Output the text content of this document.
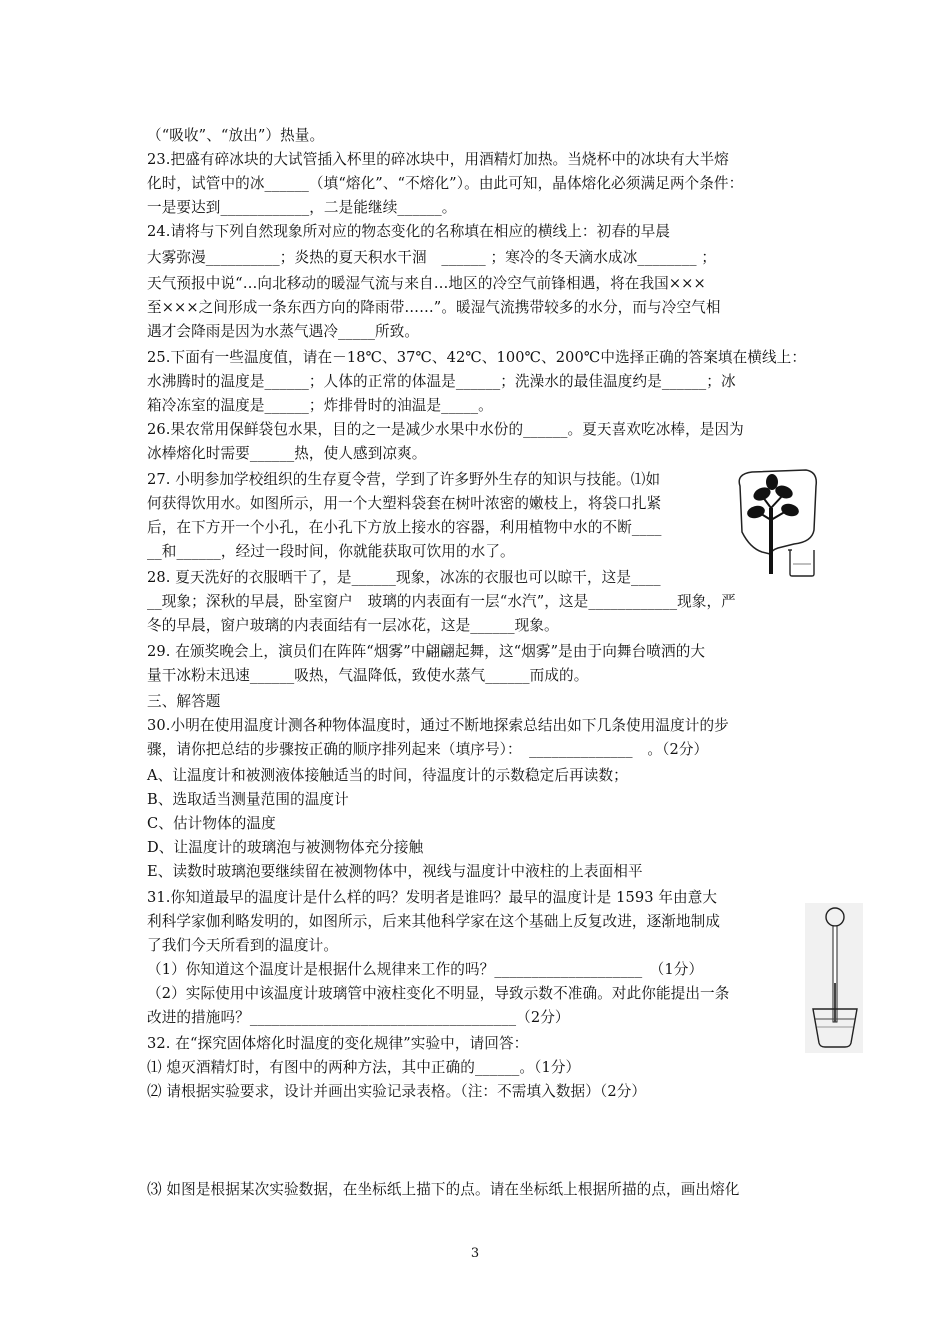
（“吸收”、“放出”）热量。
23.把盛有碎冰块的大试管插入杯里的碎冰块中，用酒精灯加热。当烧杯中的冰块有大半熔
化时，试管中的冰______（填“熔化”、“不熔化”）。由此可知，晶体熔化必须满足两个条件：
一是要达到____________，二是能继续______。
24.请将与下列自然现象所对应的物态变化的名称填在相应的横线上：初春的早晨
大雾弥漫__________；炎热的夏天积水干涸　______ ；寒冷的冬天滴水成冰________ ；
天气预报中说“…向北移动的暖湿气流与来自…地区的冷空气前锋相遇，将在我国×××
至×××之间形成一条东西方向的降雨带……”。暖湿气流携带较多的水分，而与冷空气相
遇才会降雨是因为水蒸气遇冷_____所致。
25.下面有一些温度值，请在－18℃、37℃、42℃、100℃、200℃中选择正确的答案填在横线上：
水沸腾时的温度是______；人体的正常的体温是______；洗澡水的最佳温度约是______；冰
箱冷冻室的温度是______；炸排骨时的油温是_____。
26.果农常用保鲜袋包水果，目的之一是减少水果中水份的______。夏天喜欢吃冰棒，是因为
冰棒熔化时需要______热，使人感到凉爽。
27. 小明参加学校组织的生存夏令营，学到了许多野外生存的知识与技能。⑴如
何获得饮用水。如图所示，用一个大塑料袋套在树叶浓密的嫩枝上，将袋口扎紧
后，在下方开一个小孔，在小孔下方放上接水的容器，利用植物中水的不断____
__和______，经过一段时间，你就能获取可饮用的水了。
28. 夏天洗好的衣服晒干了，是______现象，冰冻的衣服也可以晾干，这是____
__现象；深秋的早晨，卧室窗户　玻璃的内表面有一层“水汽”，这是____________现象，严
冬的早晨，窗户玻璃的内表面结有一层冰花，这是______现象。
29. 在颁奖晚会上，演员们在阵阵“烟雾”中翩翩起舞，这“烟雾”是由于向舞台喷洒的大
量干冰粉末迅速______吸热，气温降低，致使水蒸气______而成的。
三、解答题
30.小明在使用温度计测各种物体温度时，通过不断地探索总结出如下几条使用温度计的步
骤，请你把总结的步骤按正确的顺序排列起来（填序号）：　______________　。（2分）
A、让温度计和被测液体接触适当的时间，待温度计的示数稳定后再读数；
B、选取适当测量范围的温度计
C、估计物体的温度
D、让温度计的玻璃泡与被测物体充分接触
E、读数时玻璃泡要继续留在被测物体中，视线与温度计中液柱的上表面相平
31.你知道最早的温度计是什么样的吗？发明者是谁吗？最早的温度计是 1593 年由意大
利科学家伽利略发明的，如图所示，后来其他科学家在这个基础上反复改进，逐渐地制成
了我们今天所看到的温度计。
（1）你知道这个温度计是根据什么规律来工作的吗？____________________　（1分）
（2）实际使用中该温度计玻璃管中液柱变化不明显，导致示数不准确。对此你能提出一条
改进的措施吗？____________________________________（2分）
32. 在“探究固体熔化时温度的变化规律”实验中，请回答：
⑴ 熄灭酒精灯时，有图中的两种方法，其中正确的______。（1分）
⑵ 请根据实验要求，设计并画出实验记录表格。（注：不需填入数据）（2分）
⑶ 如图是根据某次实验数据，在坐标纸上描下的点。请在坐标纸上根据所描的点，画出熔化
3
